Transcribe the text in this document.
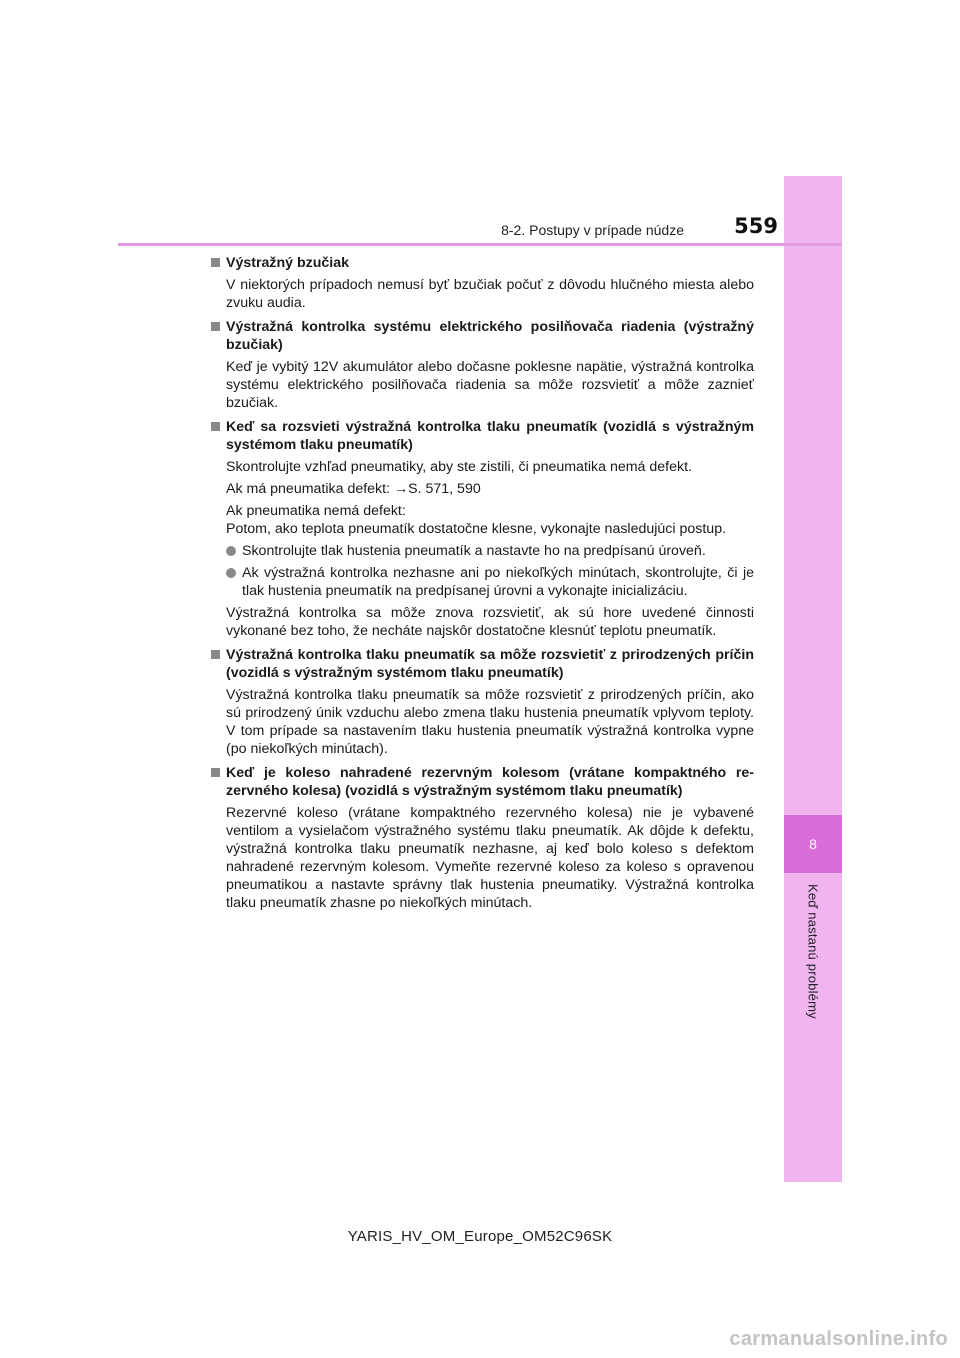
8
Keď nastanú problémy
8-2. Postupy v prípade núdze	559
Výstražný bzučiak
V niektorých prípadoch nemusí byť bzučiak počuť z dôvodu hlučného miesta alebo zvuku audia.
Výstražná kontrolka systému elektrického posilňovača riadenia (výstražný bzučiak)
Keď je vybitý 12V akumulátor alebo dočasne poklesne napätie, výstražná kontrolka systému elektrického posilňovača riadenia sa môže rozsvietiť a môže zaznieť bzučiak.
Keď sa rozsvieti výstražná kontrolka tlaku pneumatík (vozidlá s výstražným systémom tlaku pneumatík)
Skontrolujte vzhľad pneumatiky, aby ste zistili, či pneumatika nemá defekt.
Ak má pneumatika defekt: →S. 571, 590
Ak pneumatika nemá defekt:
Potom, ako teplota pneumatík dostatočne klesne, vykonajte nasledujúci postup.
Skontrolujte tlak hustenia pneumatík a nastavte ho na predpísanú úroveň.
Ak výstražná kontrolka nezhasne ani po niekoľkých minútach, skontrolujte, či je tlak hustenia pneumatík na predpísanej úrovni a vykonajte inicializáciu.
Výstražná kontrolka sa môže znova rozsvietiť, ak sú hore uvedené činnosti vykonané bez toho, že necháte najskôr dostatočne klesnúť teplotu pneumatík.
Výstražná kontrolka tlaku pneumatík sa môže rozsvietiť z prirodzených príčin (vozidlá s výstražným systémom tlaku pneumatík)
Výstražná kontrolka tlaku pneumatík sa môže rozsvietiť z prirodzených príčin, ako sú prirodzený únik vzduchu alebo zmena tlaku hustenia pneumatík vplyvom teploty. V tom prípade sa nastavením tlaku hustenia pneumatík výstražná kontrolka vypne (po niekoľkých minútach).
Keď je koleso nahradené rezervným kolesom (vrátane kompaktného rezervného kolesa) (vozidlá s výstražným systémom tlaku pneumatík)
Rezervné koleso (vrátane kompaktného rezervného kolesa) nie je vybavené ventilom a vysielačom výstražného systému tlaku pneumatík. Ak dôjde k defektu, výstražná kontrolka tlaku pneumatík nezhasne, aj keď bolo koleso s defektom nahradené rezervným kolesom. Vymeňte rezervné koleso za koleso s opravenou pneumatikou a nastavte správny tlak hustenia pneumatiky. Výstražná kontrolka tlaku pneumatík zhasne po niekoľkých minútach.
YARIS_HV_OM_Europe_OM52C96SK
carmanualsonline.info
